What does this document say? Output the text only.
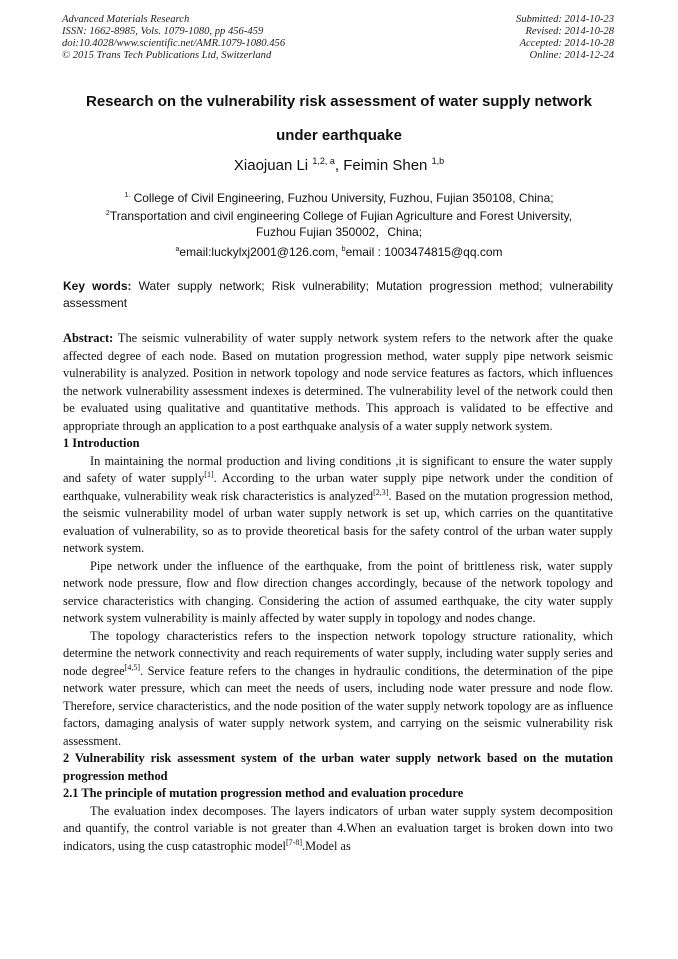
Advanced Materials Research
ISSN: 1662-8985, Vols. 1079-1080, pp 456-459
doi:10.4028/www.scientific.net/AMR.1079-1080.456
© 2015 Trans Tech Publications Ltd, Switzerland
Submitted: 2014-10-23
Revised: 2014-10-28
Accepted: 2014-10-28
Online: 2014-12-24
Research on the vulnerability risk assessment of water supply network
under earthquake
Xiaojuan Li $^{1,2, a}$, Feimin Shen $^{1,b}$
$^{1.}$ College of Civil Engineering, Fuzhou University, Fuzhou, Fujian 350108, China;
$^2$Transportation and civil engineering College of Fujian Agriculture and Forest University,
Fuzhou Fujian 350002，China;
$^a$email:luckylxj2001@126.com, $^b$email : 1003474815@qq.com
Key words: Water supply network; Risk vulnerability; Mutation progression method; vulnerability assessment

Abstract: The seismic vulnerability of water supply network system refers to the network after the quake affected degree of each node. Based on mutation progression method, water supply pipe network seismic vulnerability is analyzed. Position in network topology and node service features as factors, which influences the network vulnerability assessment indexes is determined. The vulnerability level of the network could then be evaluated using qualitative and quantitative methods. This approach is validated to be effective and appropriate through an application to a post earthquake analysis of a water supply network system.

1 Introduction

In maintaining the normal production and living conditions ,it is significant to ensure the water supply and safety of water supply[1]. According to the urban water supply pipe network under the condition of earthquake, vulnerability weak risk characteristics is analyzed[2,3]. Based on the mutation progression method, the seismic vulnerability model of urban water supply network is set up, which carries on the quantitative evaluation of vulnerability, so as to provide theoretical basis for the safety control of the urban water supply network system.

Pipe network under the influence of the earthquake, from the point of brittleness risk, water supply network node pressure, flow and flow direction changes accordingly, because of the network topology and service characteristics with changing. Considering the action of assumed earthquake, the city water supply network system vulnerability is mainly affected by water supply in topology and nodes change.

The topology characteristics refers to the inspection network topology structure rationality, which determine the network connectivity and reach requirements of water supply, including water supply series and node degree[4,5]. Service feature refers to the changes in hydraulic conditions, the determination of the pipe network water pressure, which can meet the needs of users, including node water pressure and node flow. Therefore, service characteristics, and the node position of the water supply network topology are as influence factors, damaging analysis of water supply network system, and carrying on the seismic vulnerability risk assessment.

2 Vulnerability risk assessment system of the urban water supply network based on the mutation progression method

2.1 The principle of mutation progression method and evaluation procedure

The evaluation index decomposes. The layers indicators of urban water supply system decomposition and quantify, the control variable is not greater than 4.When an evaluation target is broken down into two indicators, using the cusp catastrophic model[7-8].Model as
